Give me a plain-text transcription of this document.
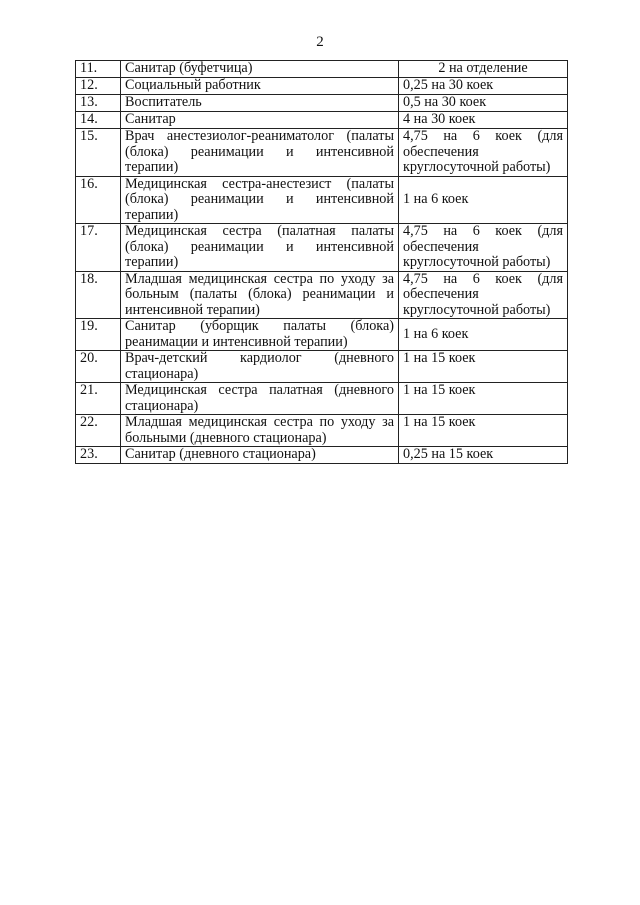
2
11.	Санитар (буфетчица)	2 на отделение
12.	Социальный работник	0,25 на 30 коек
13.	Воспитатель	0,5 на 30 коек
14.	Санитар	4 на 30 коек
15.	Врач анестезиолог-реаниматолог (палаты (блока) реанимации и интенсивной терапии)	4,75 на 6 коек (для обеспечения круглосуточной работы)
16.	Медицинская сестра-анестезист (палаты (блока) реанимации и интенсивной терапии)	1 на 6 коек
17.	Медицинская сестра (палатная палаты (блока) реанимации и интенсивной терапии)	4,75 на 6 коек (для обеспечения круглосуточной работы)
18.	Младшая медицинская сестра по уходу за больным (палаты (блока) реанимации и интенсивной терапии)	4,75 на 6 коек (для обеспечения круглосуточной работы)
19.	Санитар (уборщик палаты (блока) реанимации и интенсивной терапии)	1 на 6 коек
20.	Врач-детский кардиолог (дневного стационара)	1 на 15 коек
21.	Медицинская сестра палатная (дневного стационара)	1 на 15 коек
22.	Младшая медицинская сестра по уходу за больными (дневного стационара)	1 на 15 коек
23.	Санитар (дневного стационара)	0,25 на 15 коек
